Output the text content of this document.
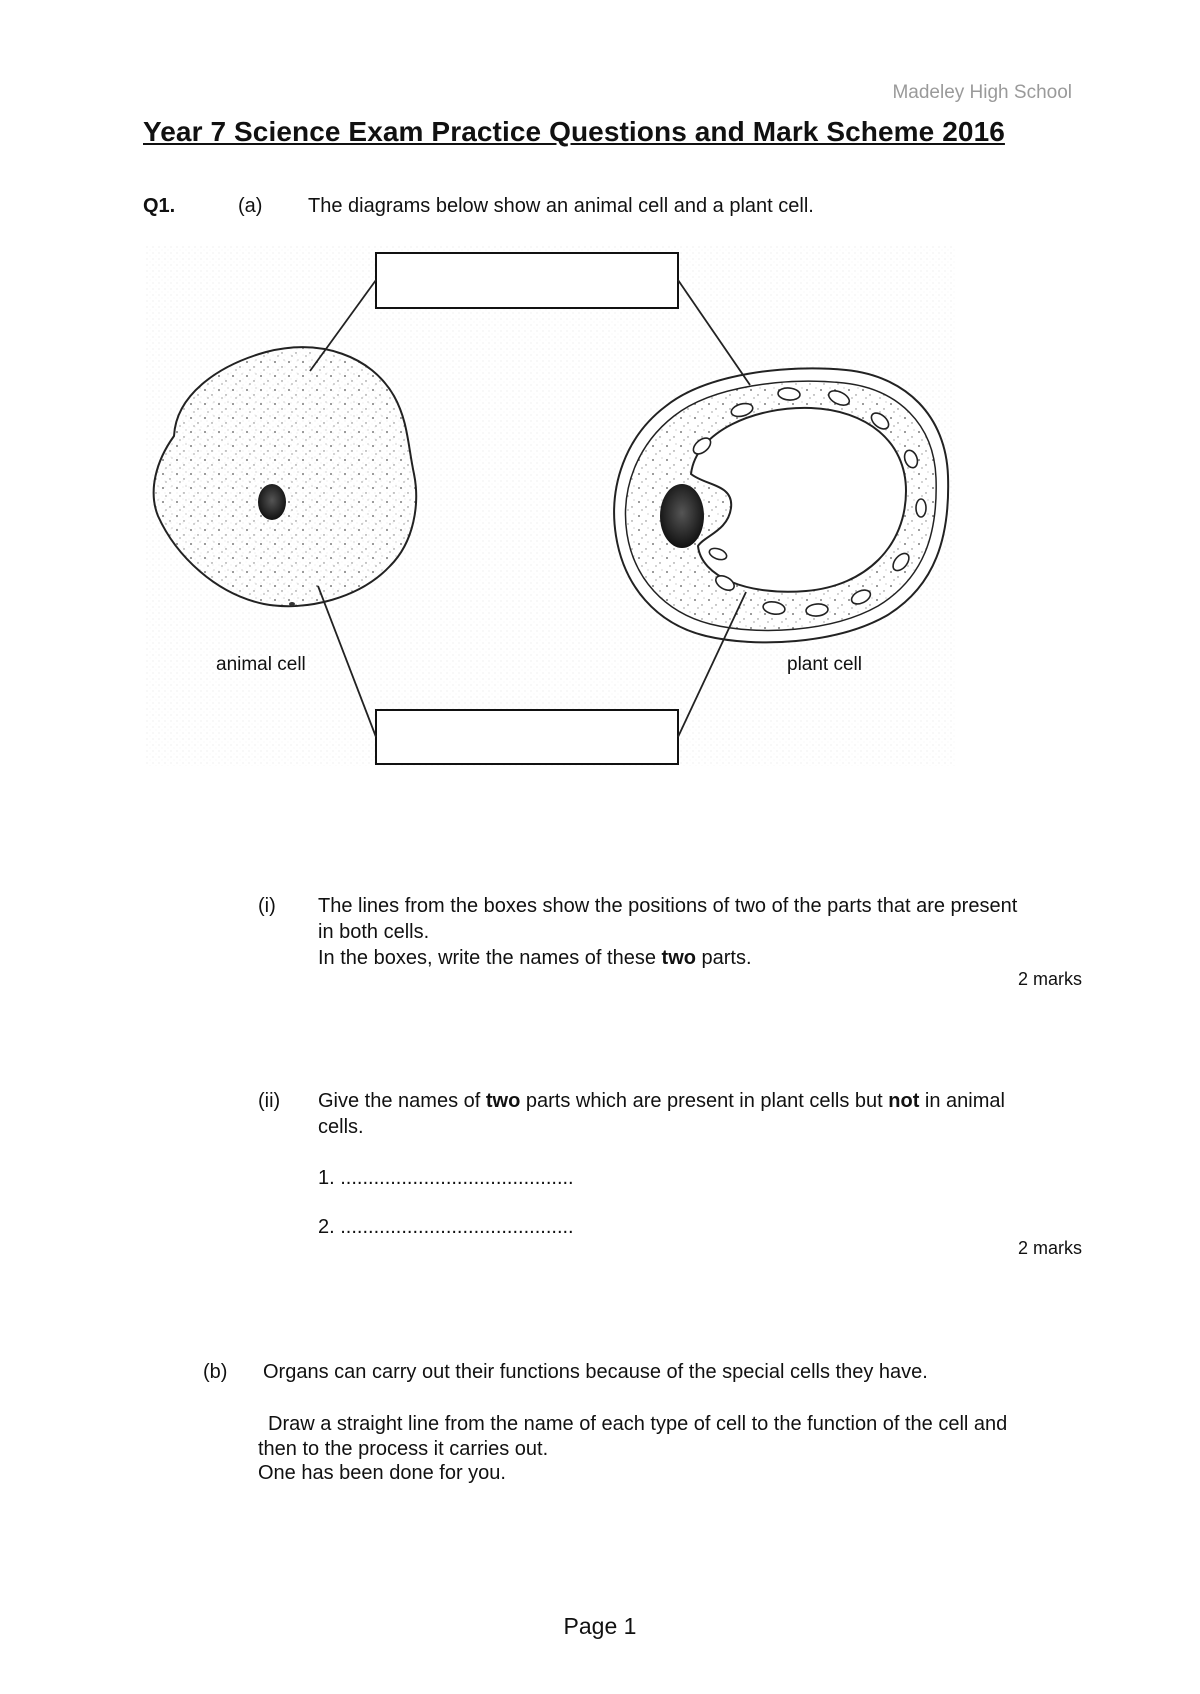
Madeley High School
Year 7 Science Exam Practice Questions and Mark Scheme 2016
Q1.	(a) The diagrams below show an animal cell and a plant cell.
animal cell	plant cell
(i) The lines from the boxes show the positions of two of the parts that are present
in both cells.
In the boxes, write the names of these two parts.
2 marks
(ii) Give the names of two parts which are present in plant cells but not in animal
cells.
1. ..........................................
2. ..........................................
2 marks
(b) Organs can carry out their functions because of the special cells they have.
Draw a straight line from the name of each type of cell to the function of the cell and
then to the process it carries out.
One has been done for you.
Page 1
